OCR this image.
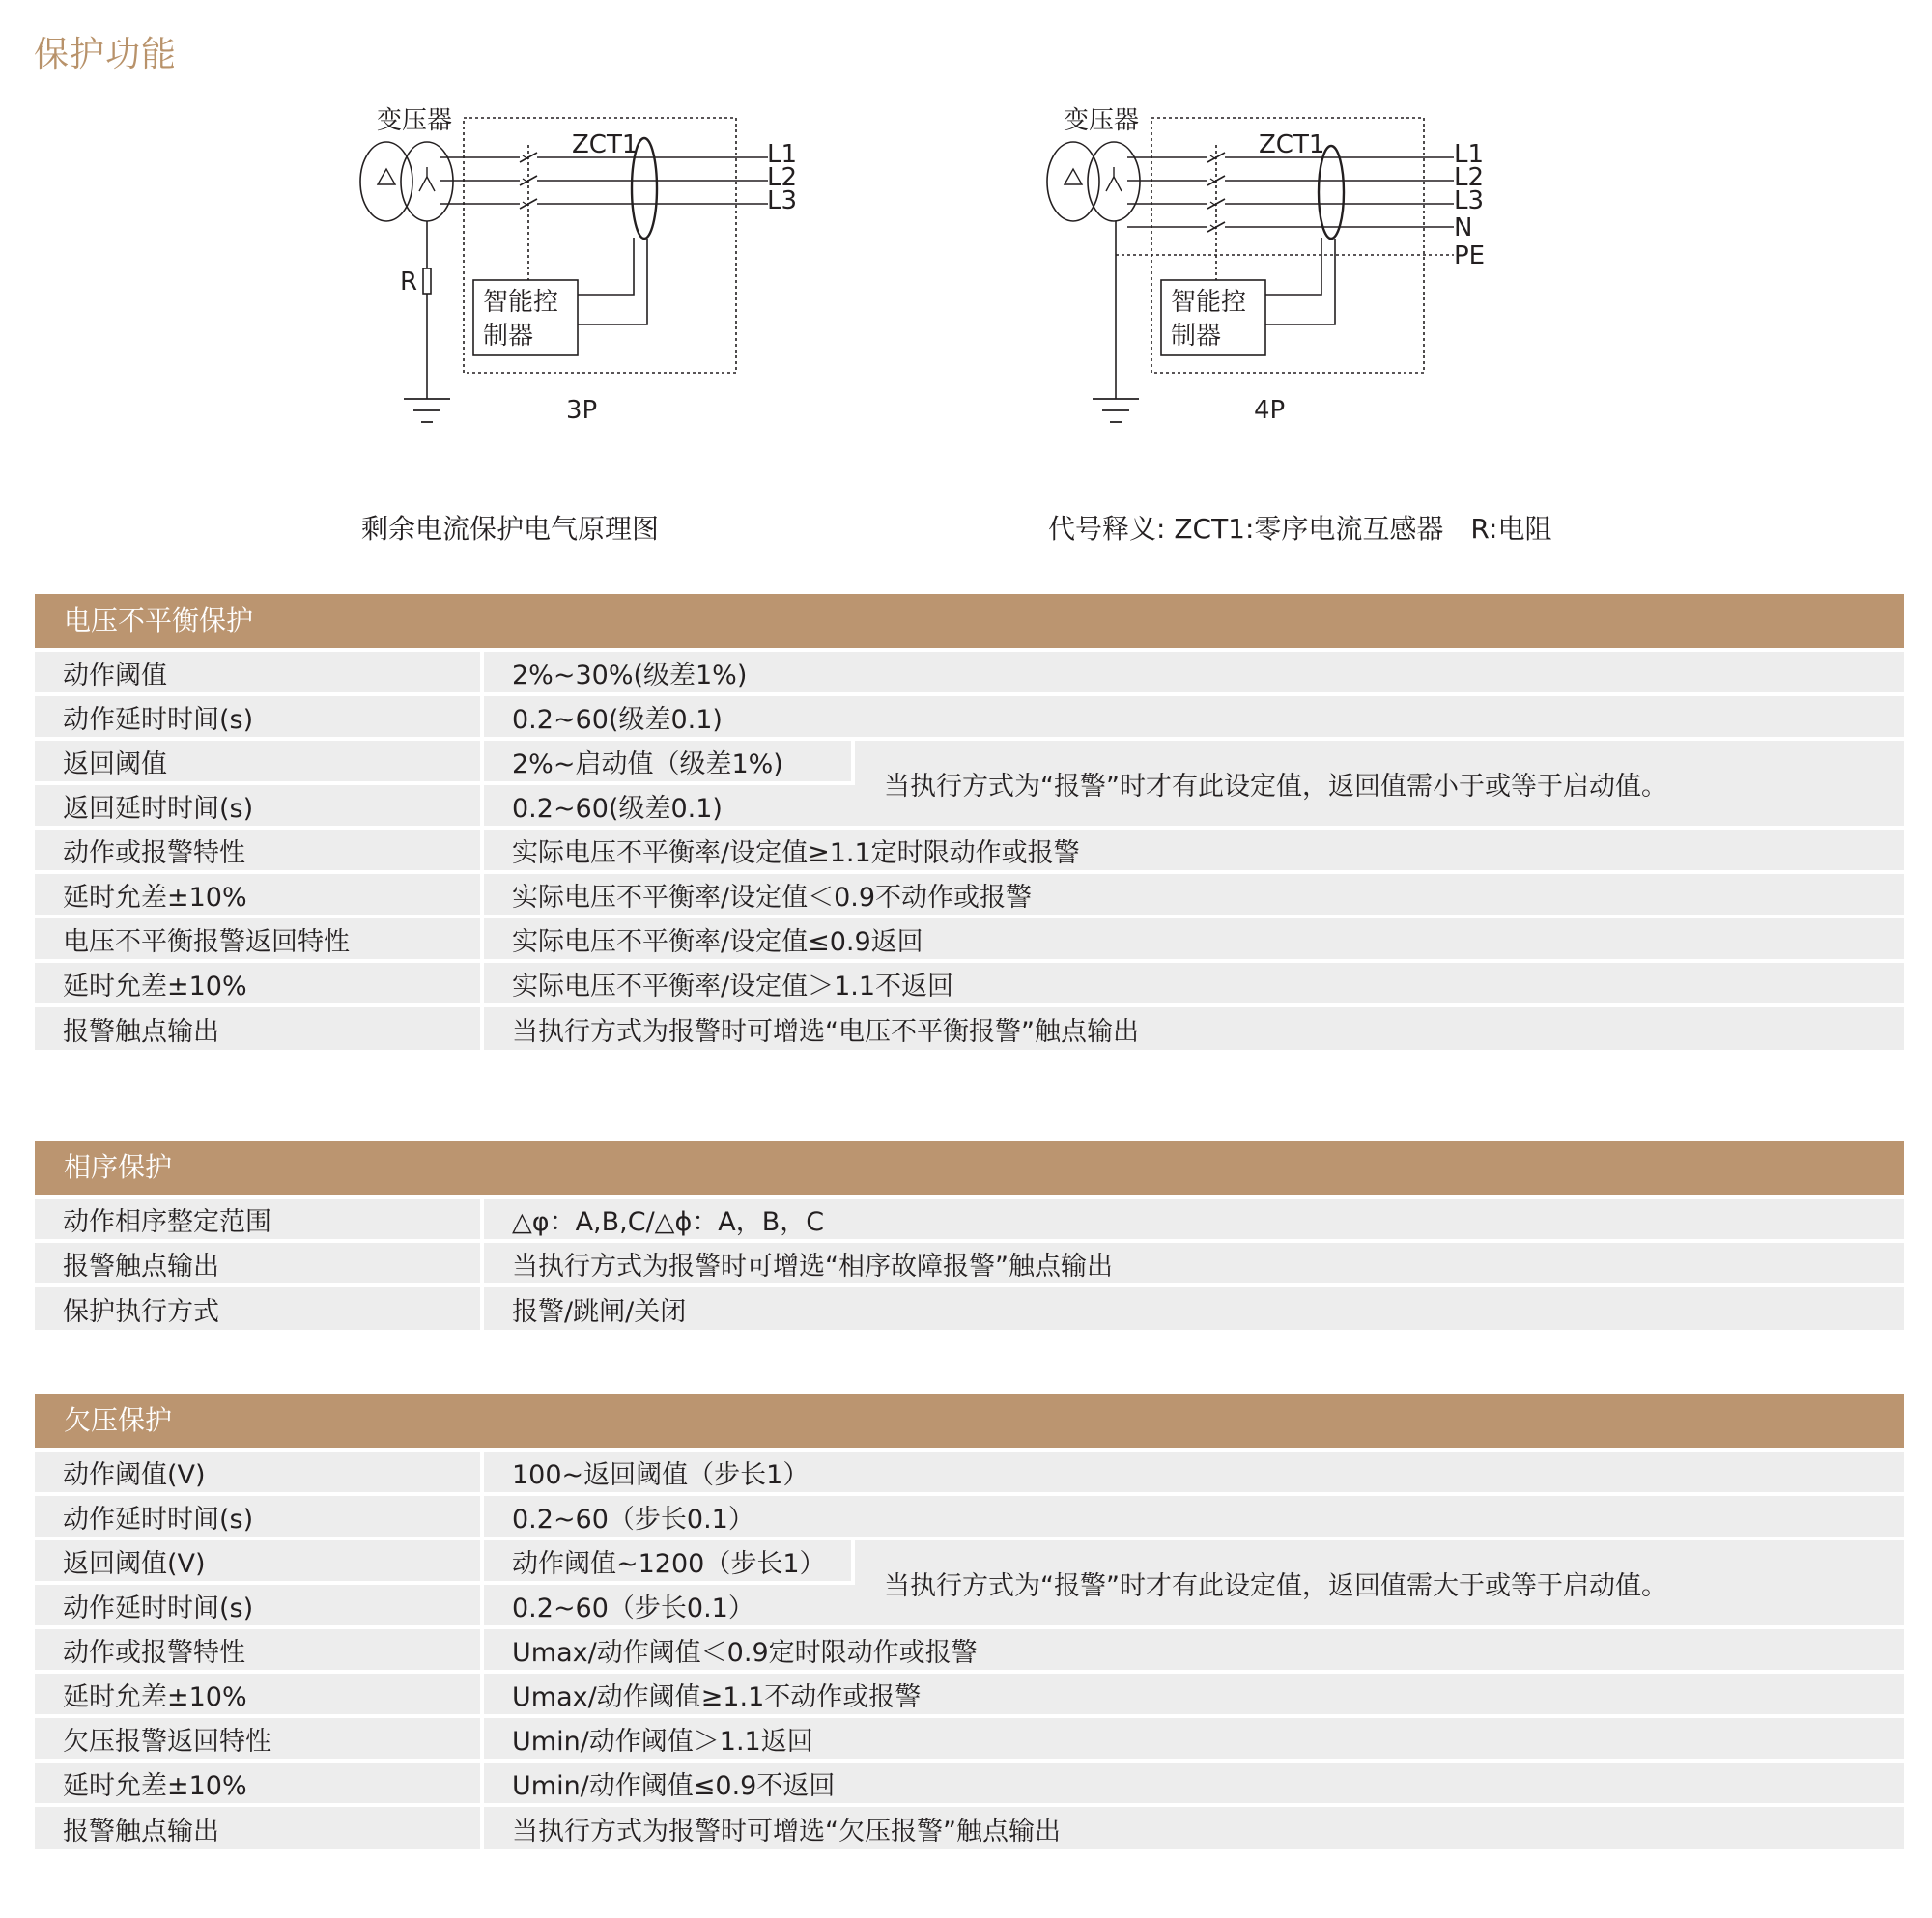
保护功能
变压器
ZCT1	L1
L2
L3
R
智能控
制器
3P
变压器
ZCT1	L1
L2
L3
N
PE
智能控
制器
4P
剩余电流保护电气原理图	代号释义: ZCT1:零序电流互感器　R:电阻
电压不平衡保护
动作阈值	2%~30%(级差1%)	
动作延时时间(s)	0.2~60(级差0.1)	
返回阈值	2%~启动值（级差1%)	当执行方式为“报警”时才有此设定值，返回值需小于或等于启动值。
返回延时时间(s)	0.2~60(级差0.1)	
动作或报警特性	实际电压不平衡率/设定值≥1.1定时限动作或报警	
延时允差±10%	实际电压不平衡率/设定值＜0.9不动作或报警	
电压不平衡报警返回特性	实际电压不平衡率/设定值≤0.9返回	
延时允差±10%	实际电压不平衡率/设定值＞1.1不返回	
报警触点输出	当执行方式为报警时可增选“电压不平衡报警”触点输出	
相序保护
动作相序整定范围	△φ：A,B,C/△ϕ：A，B，C
报警触点输出	当执行方式为报警时可增选“相序故障报警”触点输出
保护执行方式	报警/跳闸/关闭
欠压保护
动作阈值(V)	100~返回阈值（步长1）	
动作延时时间(s)	0.2~60（步长0.1）	
返回阈值(V)	动作阈值~1200（步长1）	当执行方式为“报警”时才有此设定值，返回值需大于或等于启动值。
动作延时时间(s)	0.2~60（步长0.1）	
动作或报警特性	Umax/动作阈值＜0.9定时限动作或报警	
延时允差±10%	Umax/动作阈值≥1.1不动作或报警	
欠压报警返回特性	Umin/动作阈值＞1.1返回	
延时允差±10%	Umin/动作阈值≤0.9不返回	
报警触点输出	当执行方式为报警时可增选“欠压报警”触点输出	
